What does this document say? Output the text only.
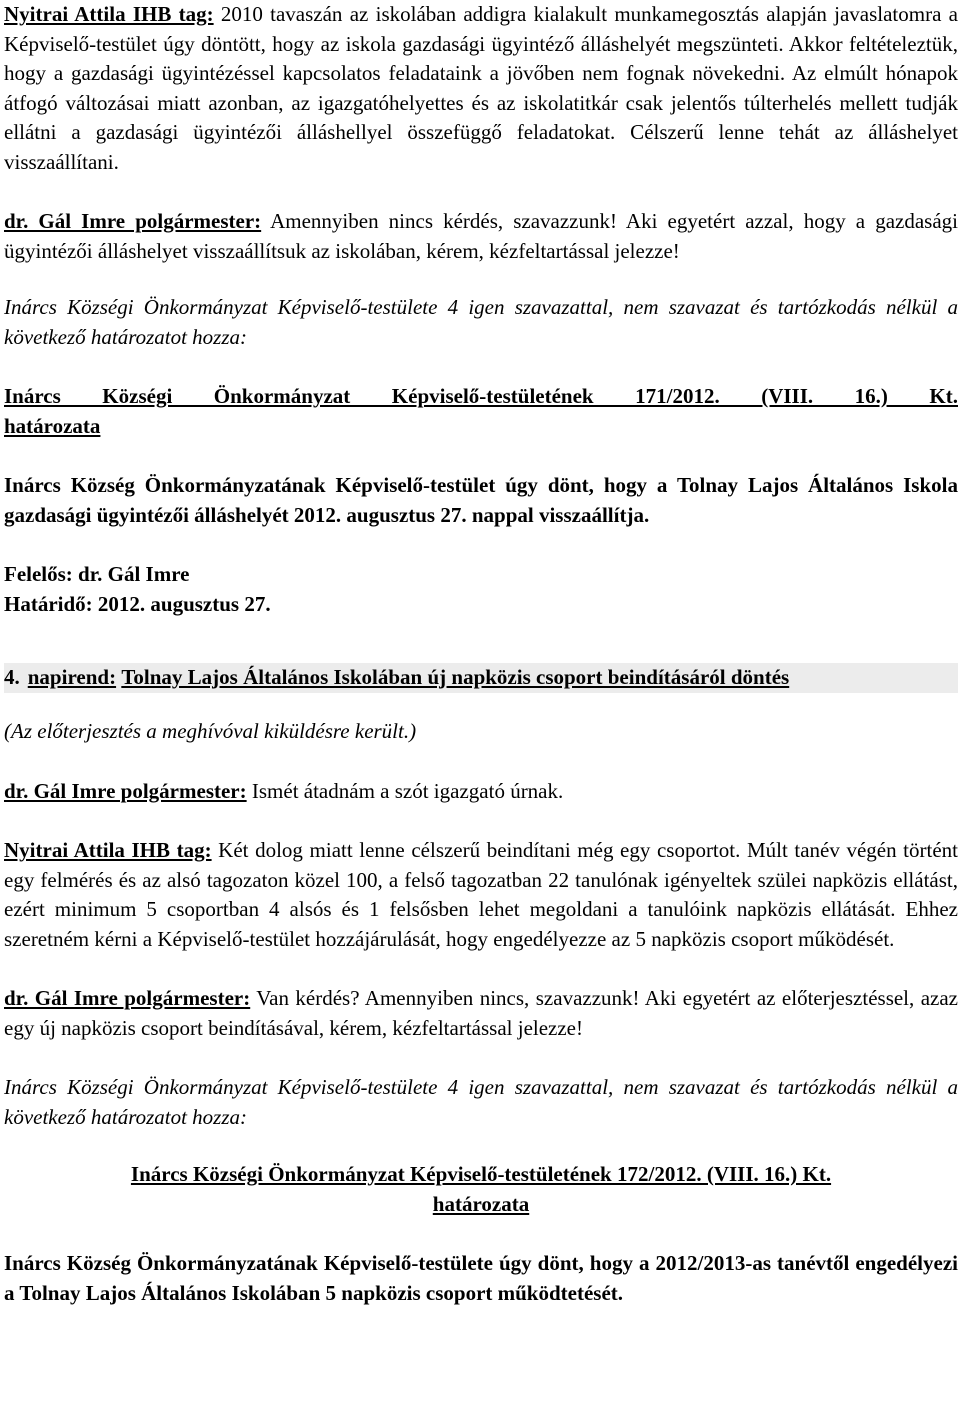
Nyitrai Attila IHB tag: 2010 tavaszán az iskolában addigra kialakult munkamegosztás alapján javaslatomra a Képviselő-testület úgy döntött, hogy az iskola gazdasági ügyintéző álláshelyét megszünteti. Akkor feltételeztük, hogy a gazdasági ügyintézéssel kapcsolatos feladataink a jövőben nem fognak növekedni. Az elmúlt hónapok átfogó változásai miatt azonban, az igazgatóhelyettes és az iskolatitkár csak jelentős túlterhelés mellett tudják ellátni a gazdasági ügyintézői álláshellyel összefüggő feladatokat. Célszerű lenne tehát az álláshelyet visszaállítani.

dr. Gál Imre polgármester: Amennyiben nincs kérdés, szavazzunk! Aki egyetért azzal, hogy a gazdasági ügyintézői álláshelyet visszaállítsuk az iskolában, kérem, kézfeltartással jelezze!

Inárcs Községi Önkormányzat Képviselő-testülete 4 igen szavazattal, nem szavazat és tartózkodás nélkül a következő határozatot hozza:

Inárcs Községi Önkormányzat Képviselő-testületének 171/2012. (VIII. 16.) Kt.

határozata

Inárcs Község Önkormányzatának Képviselő-testület úgy dönt, hogy a Tolnay Lajos Általános Iskola gazdasági ügyintézői álláshelyét 2012. augusztus 27. nappal visszaállítja.

Felelős: dr. Gál Imre

Határidő: 2012. augusztus 27.

4. napirend:
Tolnay Lajos Általános Iskolában új napközis csoport beindításáról döntés

(Az előterjesztés a meghívóval kiküldésre került.)

dr. Gál Imre polgármester: Ismét átadnám a szót igazgató úrnak.

Nyitrai Attila IHB tag: Két dolog miatt lenne célszerű beindítani még egy csoportot. Múlt tanév végén történt egy felmérés és az alsó tagozaton közel 100, a felső tagozatban 22 tanulónak igényeltek szülei napközis ellátást, ezért minimum 5 csoportban 4 alsós és 1 felsősben lehet megoldani a tanulóink napközis ellátását. Ehhez szeretném kérni a Képviselő-testület hozzájárulását, hogy engedélyezze az 5 napközis csoport működését.

dr. Gál Imre polgármester: Van kérdés? Amennyiben nincs, szavazzunk! Aki egyetért az előterjesztéssel, azaz egy új napközis csoport beindításával, kérem, kézfeltartással jelezze!

Inárcs Községi Önkormányzat Képviselő-testülete 4 igen szavazattal, nem szavazat és tartózkodás nélkül a következő határozatot hozza:

Inárcs Községi Önkormányzat Képviselő-testületének 172/2012. (VIII. 16.) Kt.

határozata

Inárcs Község Önkormányzatának Képviselő-testülete úgy dönt, hogy a 2012/2013-as tanévtől engedélyezi a Tolnay Lajos Általános Iskolában 5 napközis csoport működtetését.
